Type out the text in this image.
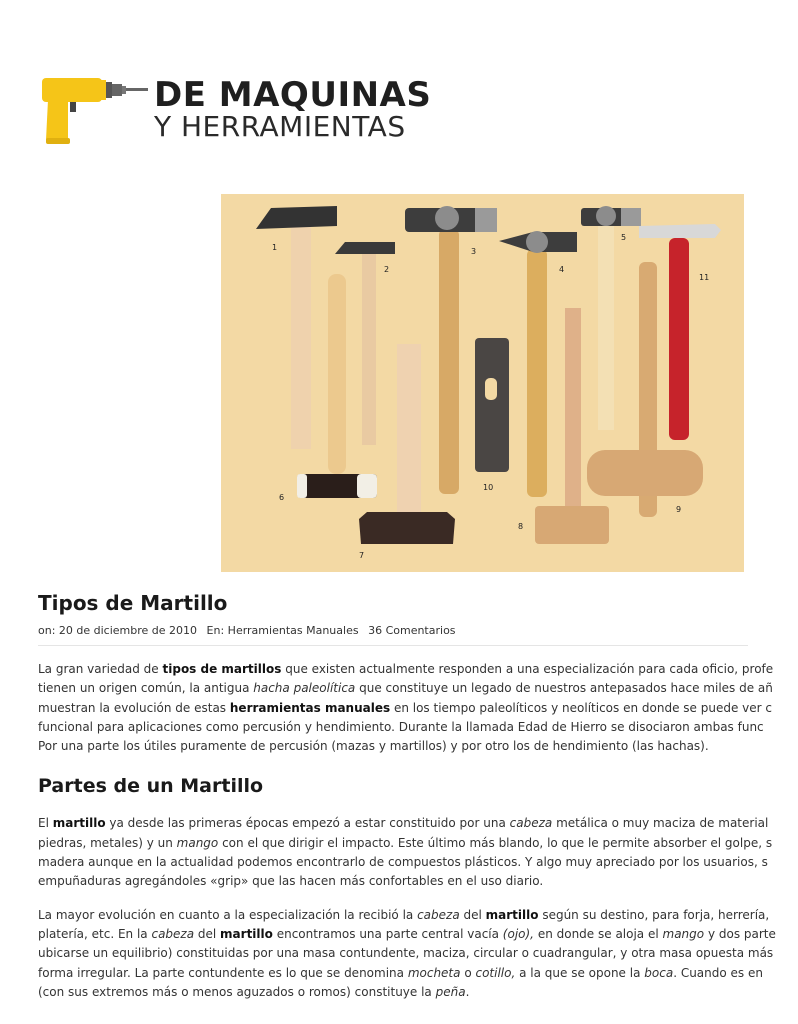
DE MAQUINAS
Y HERRAMIENTAS
1
2
3
4
5
6
7
8
9
10
11
Tipos de Martillo
on: 20 de diciembre de 2010 En: Herramientas Manuales 36 Comentarios

La gran variedad de tipos de martillos que existen actualmente responden a una especialización para cada oficio, profe
tienen un origen común, la antigua hacha paleolítica que constituye un legado de nuestros antepasados hace miles de añ
muestran la evolución de estas herramientas manuales en los tiempo paleolíticos y neolíticos en donde se puede ver c
funcional para aplicaciones como percusión y hendimiento. Durante la llamada Edad de Hierro se disociaron ambas func
Por una parte los útiles puramente de percusión (mazas y martillos) y por otro los de hendimiento (las hachas).

Partes de un Martillo

El martillo ya desde las primeras épocas empezó a estar constituido por una cabeza metálica o muy maciza de material
piedras, metales) y un mango con el que dirigir el impacto. Este último más blando, lo que le permite absorber el golpe, s
madera aunque en la actualidad podemos encontrarlo de compuestos plásticos. Y algo muy apreciado por los usuarios, s
empuñaduras agregándoles «grip» que las hacen más confortables en el uso diario.

La mayor evolución en cuanto a la especialización la recibió la cabeza del martillo según su destino, para forja, herrería,
platería, etc. En la cabeza del martillo encontramos una parte central vacía (ojo), en donde se aloja el mango y dos parte
ubicarse un equilibrio) constituidas por una masa contundente, maciza, circular o cuadrangular, y otra masa opuesta más
forma irregular. La parte contundente es lo que se denomina mocheta o cotillo, a la que se opone la boca. Cuando es en
(con sus extremos más o menos aguzados o romos) constituye la peña.
